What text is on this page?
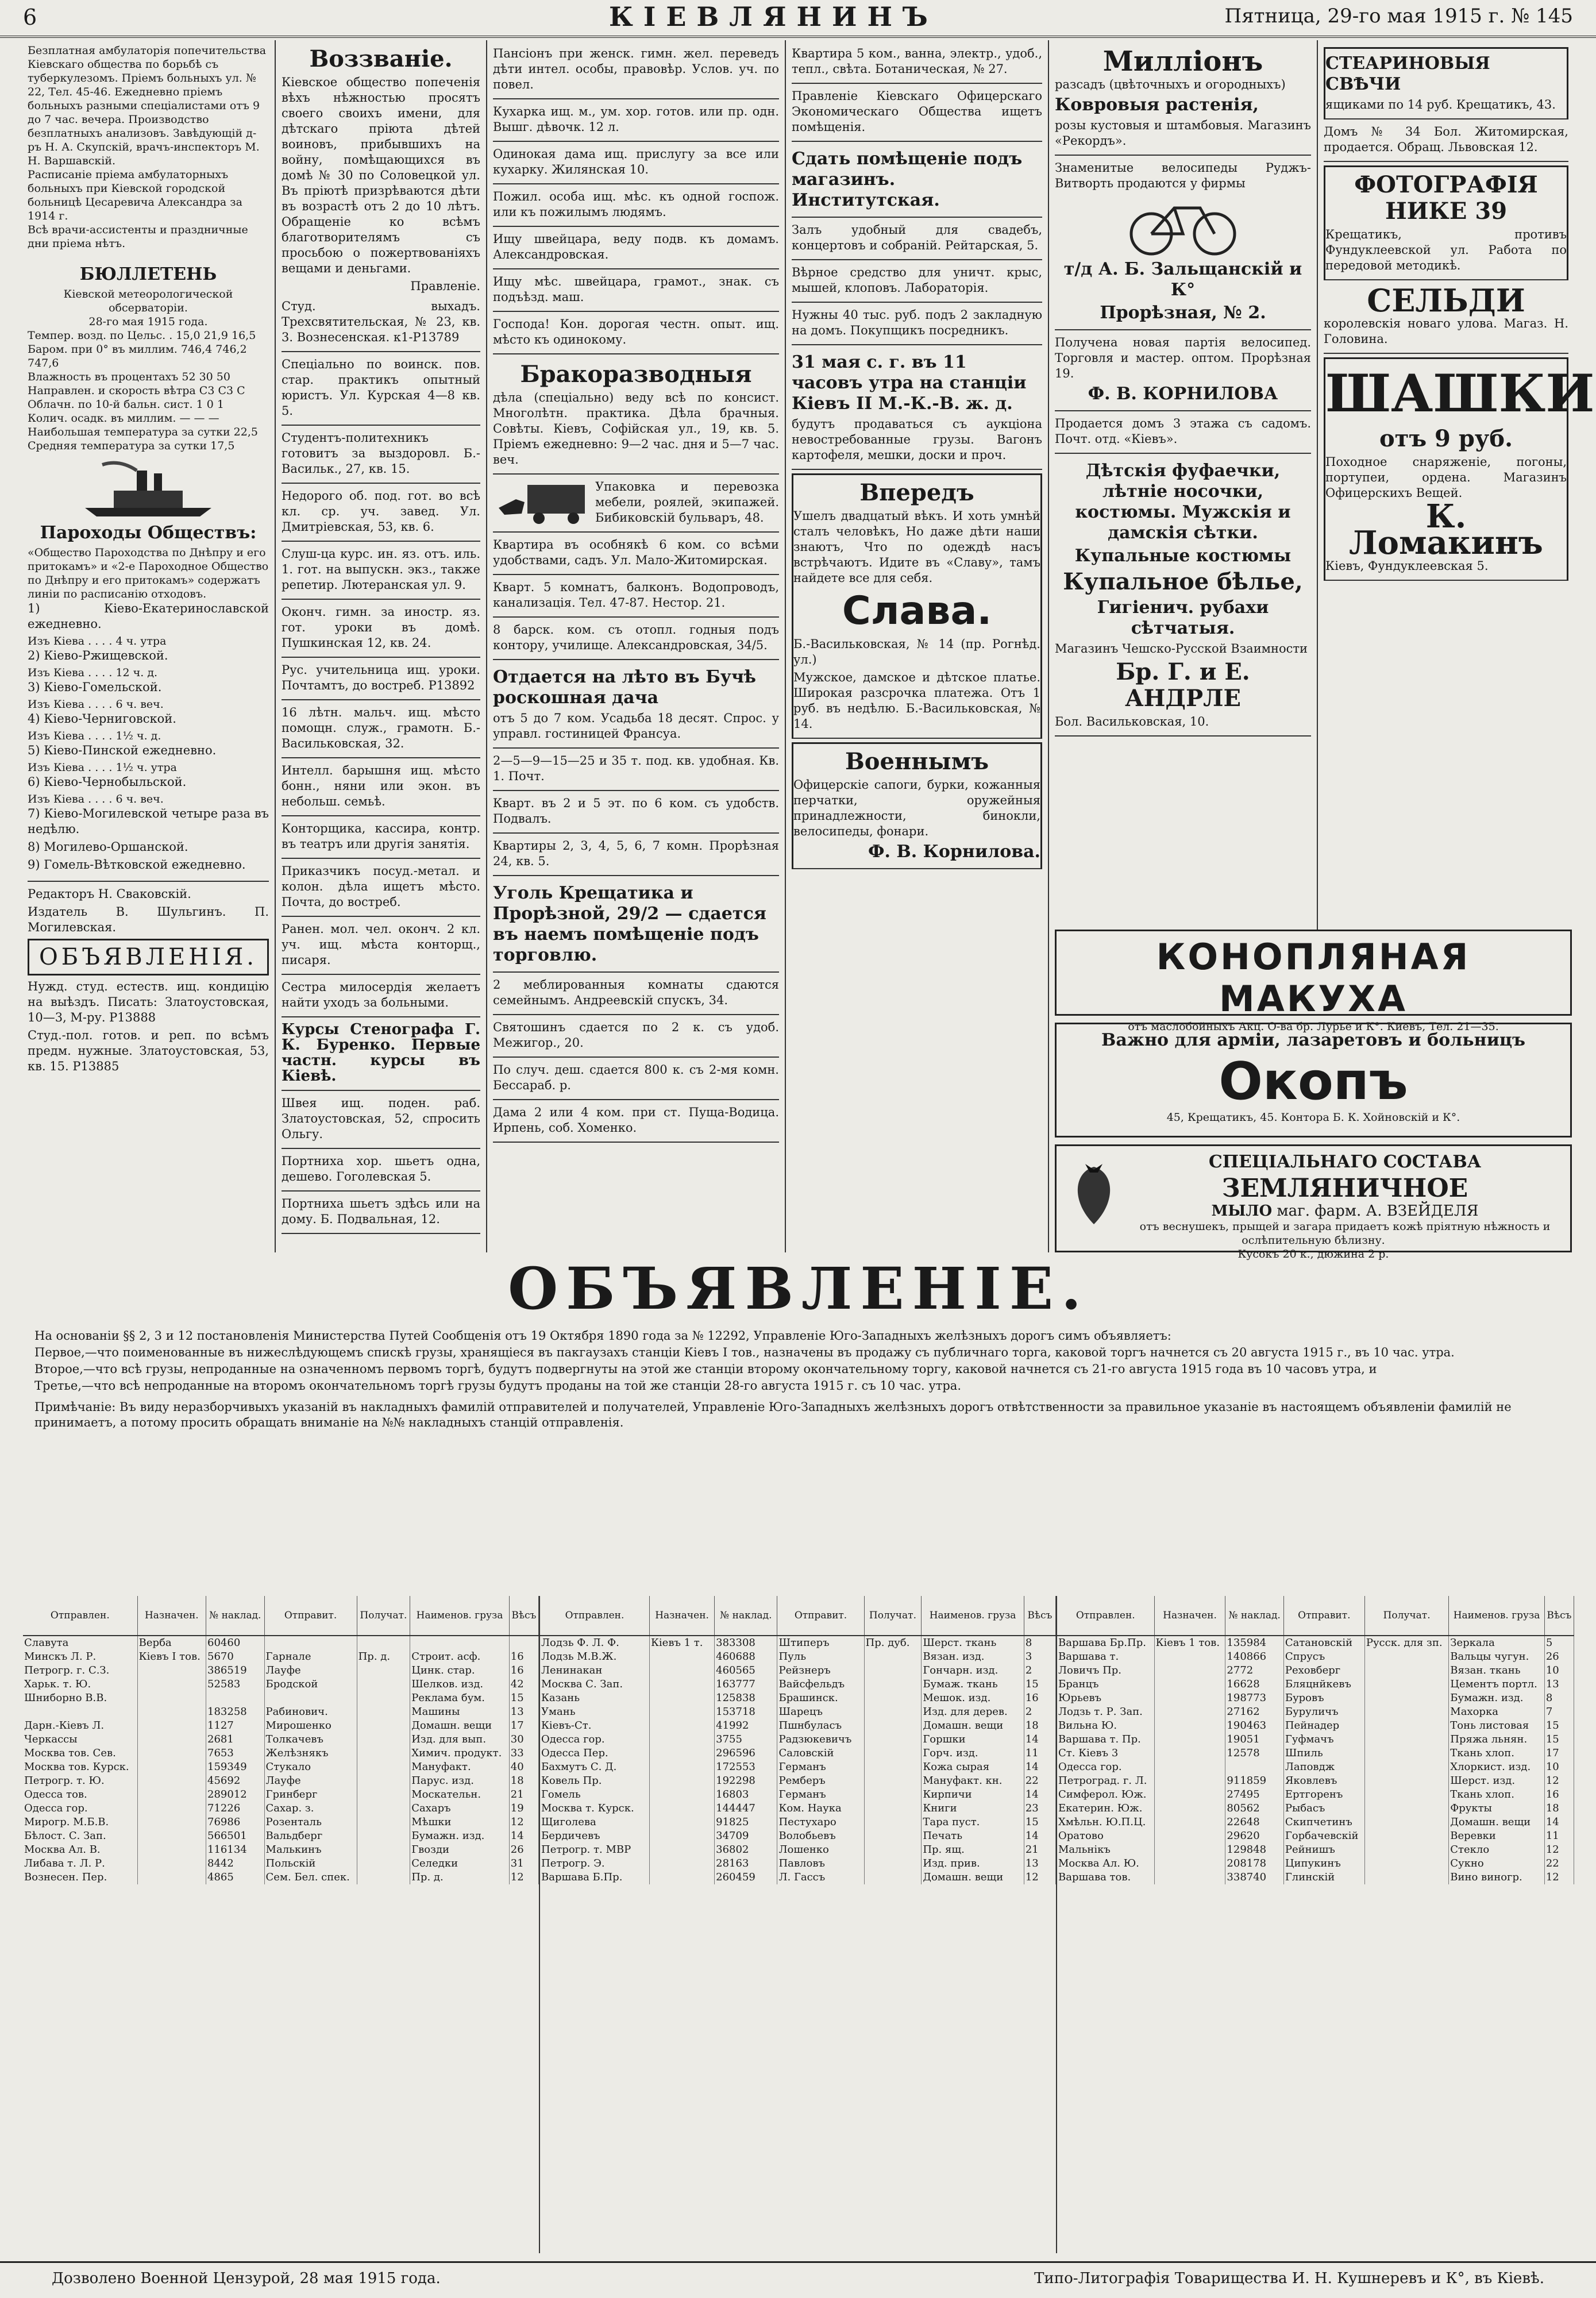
6	КІЕВЛЯНИНЪ	Пятница, 29-го мая 1915 г. № 145

Безплатная амбулаторія попечительства Кіевскаго общества по борьбѣ съ туберкулезомъ. Пріемъ больныхъ ул. № 22, Тел. 45-46. Ежедневно пріемъ больныхъ разными спеціалистами отъ 9 до 7 час. вечера. Производство безплатныхъ анализовъ. Завѣдующій д-ръ Н. А. Скупскій, врачъ-инспекторъ М. Н. Варшавскій.

Расписаніе пріема амбулаторныхъ больныхъ при Кіевской городской больницѣ Цесаревича Александра за 1914 г.

Всѣ врачи-ассистенты и праздничные дни пріема нѣтъ.

БЮЛЛЕТЕНЬ

Кіевской метеорологической обсерваторіи.

28-го мая 1915 года.

Темпер. возд. по Цельс. . 15,0 21,9 16,5

Бaром. при 0° въ миллим. 746,4 746,2 747,6

Влажность въ процентахъ 52 30 50

Направлен. и скорость вѣтра C3 C3 C

Облачн. по 10-й бальн. сист. 1 0 1

Колич. осадк. въ миллим. — — —

Наибольшая температура за сутки 22,5

Средняя температура за сутки 17,5

Пароходы Обществъ:

«Общество Пароходства по Днѣпру и его притокамъ» и «2-е Пароходное Общество по Днѣпру и его притокамъ» содержатъ линіи по расписанію отходовъ.

1) Кіево-Екатеринославской ежедневно.

Изъ Кіева . . . . 4 ч. утра

2) Кіево-Ржищевской.

Изъ Кіева . . . . 12 ч. д.

3) Кіево-Гомельской.

Изъ Кіева . . . . 6 ч. веч.

4) Кіево-Черниговской.

Изъ Кіева . . . . 1½ ч. д.

5) Кіево-Пинской ежедневно.

Изъ Кіева . . . . 1½ ч. утра

6) Кіево-Чернобыльской.

Изъ Кіева . . . . 6 ч. веч.

7) Кіево-Могилевской четыре раза въ недѣлю.

8) Могилево-Оршанской.

9) Гомель-Вѣтковской ежедневно.

Редакторъ Н. Сваковскій.

Издатель В. Шульгинъ. П. Могилевская.

ОБЪЯВЛЕНІЯ.

Нужд. студ. естеств. ищ. кондицію на выѣздъ. Писать: Златоустовская, 10—3, М-ру. Р13888

Студ.-пол. готов. и реп. по всѣмъ предм. нужные. Златоустовская, 53, кв. 15. Р13885

Воззваніе.

Кіевское общество попеченія вѣхъ нѣжностью просятъ своего своихъ имени, для дѣтскаго пріюта дѣтей воиновъ, прибывшихъ на войну, помѣщающихся въ домѣ № 30 по Соловецкой ул. Въ пріютѣ призрѣваются дѣти въ возрастѣ отъ 2 до 10 лѣтъ. Обращеніе ко всѣмъ благотворителямъ съ просьбою о пожертвованіяхъ вещами и деньгами.

Правленіе.

Студ. выхадъ. Трехсвятительская, № 23, кв. 3. Вознесенская. к1-Р13789

Спеціально по воинск. пов. стар. практикъ опытный юристъ. Ул. Курская 4—8 кв. 5.

Студентъ-политехникъ готовитъ за выздоровл. Б.-Васильк., 27, кв. 15.

Недорого об. под. гот. во всѣ кл. ср. уч. завед. Ул. Дмитріевская, 53, кв. 6.

Слуш-ца курс. ин. яз. отъ. иль. 1. гот. на выпускн. экз., также репетир. Лютеранская ул. 9.

Оконч. гимн. за иностр. яз. гот. уроки въ домѣ. Пушкинская 12, кв. 24.

Рус. учительница ищ. уроки. Почтамтъ, до востреб. Р13892

16 лѣтн. мальч. ищ. мѣсто помощн. служ., грамотн. Б.-Васильковская, 32.

Интелл. барышня ищ. мѣсто бонн., няни или экон. въ небольш. семьѣ.

Конторщика, кассира, контр. въ театръ или другія занятія.

Приказчикъ посуд.-метал. и колон. дѣла ищетъ мѣсто. Почта, до востреб.

Ранен. мол. чел. оконч. 2 кл. уч. ищ. мѣста конторщ., писаря.

Сестра милосердія желаетъ найти уходъ за больными.

Курсы Стенографа Г. К. Буренко. Первые частн. курсы въ Кіевѣ.

Швея ищ. поден. раб. Златоустовская, 52, спросить Ольгу.

Портниха хор. шьетъ одна, дешево. Гоголевская 5.

Портниха шьетъ здѣсь или на дому. Б. Подвальная, 12.

Пансіонъ при женск. гимн. жел. переведъ дѣти интел. особы, правовѣр. Услов. уч. по повел.

Кухарка ищ. м., ум. хор. готов. или пр. одн. Вышг. дѣвочк. 12 л.

Одинокая дама ищ. прислугу за все или кухарку. Жилянская 10.

Пожил. особа ищ. мѣс. къ одной госпож. или къ пожилымъ людямъ.

Ищу швейцара, веду подв. къ домамъ. Александровская.

Ищу мѣс. швейцара, грамот., знак. съ подъѣзд. маш.

Господа! Кон. дорогая честн. опыт. ищ. мѣсто къ одинокому.

Бракоразводныя

дѣла (спеціально) веду всѣ по консист. Многолѣтн. практика. Дѣла брачныя. Совѣты. Кіевъ, Софійская ул., 19, кв. 5. Пріемъ ежедневно: 9—2 час. дня и 5—7 час. веч.

Упаковка и перевозка мебели, роялей, экипажей. Бибиковскій бульваръ, 48.

Квартира въ особнякѣ 6 ком. со всѣми удобствами, садъ. Ул. Мало-Житомирская.

Кварт. 5 комнатъ, балконъ. Водопроводъ, канализація. Тел. 47-87. Нестор. 21.

8 барск. ком. съ отопл. годныя подъ контору, училище. Александровская, 34/5.

Отдается на лѣто въ Бучѣ роскошная дача

отъ 5 до 7 ком. Усадьба 18 десят. Спрос. у управл. гостиницей Франсуа.

2—5—9—15—25 и 35 т. под. кв. удобная. Кв. 1. Почт.

Кварт. въ 2 и 5 эт. по 6 ком. съ удобств. Подвалъ.

Квартиры 2, 3, 4, 5, 6, 7 комн. Прорѣзная 24, кв. 5.

Уголь Крещатика и Прорѣзной, 29/2 — сдается въ наемъ помѣщеніе подъ торговлю.

2 меблированныя комнаты сдаются семейнымъ. Андреевскій спускъ, 34.

Святошинъ сдается по 2 к. съ удоб. Межигор., 20.

По случ. деш. сдается 800 к. съ 2-мя комн. Бессараб. р.

Дама 2 или 4 ком. при ст. Пуща-Водица. Ирпень, соб. Хоменко.

Квартира 5 ком., ванна, электр., удоб., тепл., свѣта. Ботаническая, № 27.

Правленіе Кіевскаго Офицерскаго Экономическаго Общества ищетъ помѣщенія.

Сдать помѣщеніе подъ магазинъ. Институтская.

Залъ удобный для свадебъ, концертовъ и собраній. Рейтарская, 5.

Вѣрное средство для уничт. крыс, мышей, клоповъ. Лабораторія.

Нужны 40 тыс. руб. подъ 2 закладную на домъ. Покупщикъ посредникъ.

31 мая с. г. въ 11 часовъ утра на станціи Кіевъ II М.-К.-В. ж. д.

будутъ продаваться съ аукціона невостребованные грузы. Вагонъ картофеля, мешки, доски и проч.

Впередъ

Ушелъ двадцатый вѣкъ. И хоть умнѣй сталъ человѣкъ, Но даже дѣти наши знаютъ, Что по одеждѣ насъ встрѣчаютъ. Идите въ «Славу», тамъ найдете все для себя.

Слава.

Б.-Васильковская, № 14 (пр. Рогнѣд. ул.)

Мужское, дамское и дѣтское платье. Широкая разсрочка платежа. Отъ 1 руб. въ недѣлю. Б.-Васильковская, № 14.

Военнымъ

Офицерскіе сапоги, бурки, кожанныя перчатки, оружейныя принадлежности, бинокли, велосипеды, фонари.

Ф. В. Корнилова.

Милліонъ

разсадъ (цвѣточныхъ и огородныхъ)

Ковровыя растенія,

розы кустовыя и штамбовыя. Магазинъ «Рекордъ».

Знаменитые велосипеды Руджъ-Витворть продаются у фирмы

т/д А. Б. Зальщанскій и К°

Прорѣзная, № 2.

Получена новая партія велосипед. Торговля и мастер. оптом. Прорѣзная 19.

Ф. В. КОРНИЛОВА

Продается домъ 3 этажа съ садомъ. Почт. отд. «Кіевъ».

Дѣтскія фуфаечки, лѣтніе носочки, костюмы. Мужскія и дамскія сѣтки.

Купальные костюмы

Купальное бѣлье,

Гигіенич. рубахи сѣтчатыя.

Магазинъ Чешско-Русской Взаимности

Бр. Г. и Е. АНДРЛЕ

Бол. Васильковская, 10.

СТЕАРИНОВЫЯ СВѢЧИ

ящиками по 14 руб. Крещатикъ, 43.

Домъ № 34 Бол. Житомирская, продается. Обращ. Львовская 12.

ФОТОГРАФІЯ НИКЕ 39

Крещатикъ, противъ Фундуклеевской ул. Работа по передовой методикѣ.

СЕЛЬДИ

королевскія новаго улова. Магаз. Н. Головина.

ШАШКИ

отъ 9 руб.

Походное снаряженіе, погоны, портупеи, ордена. Магазинъ Офицерскихъ Вещей.

К. Ломакинъ

Кіевъ, Фундуклеевская 5.

КОНОПЛЯНАЯ МАКУХА
отъ маслобойныхъ Акц. О-ва бр. Лурье и К°. Киевъ, Тел. 21—35.
Важно для арміи, лазаретовъ и больницъ
Окопъ
45, Крещатикъ, 45. Контора Б. К. Хойновскій и К°.
СПЕЦІАЛЬНАГО СОСТАВА
ЗЕМЛЯНИЧНОЕ
МЫЛО маг. фарм. А. ВЗЕЙДЕЛЯ
отъ веснушекъ, прыщей и загара придаетъ кожѣ пріятную нѣжность и ослѣпительную бѣлизну.
Кусокъ 20 к., дюжина 2 р.
ОБЪЯВЛЕНІЕ.

На основаніи §§ 2, 3 и 12 постановленія Министерства Путей Сообщенія отъ 19 Октября 1890 года за № 12292, Управленіе Юго-Западныхъ желѣзныхъ дорогъ симъ объявляетъ:

Первое,—что поименованные въ нижеслѣдующемъ спискѣ грузы, хранящіеся въ пакгаузахъ станціи Кіевъ I тов., назначены въ продажу съ публичнаго торга, каковой торгъ начнется съ 20 августа 1915 г., въ 10 час. утра.

Второе,—что всѣ грузы, непроданные на означенномъ первомъ торгѣ, будутъ подвергнуты на этой же станціи второму окончательному торгу, каковой начнется съ 21-го августа 1915 года въ 10 часовъ утра, и

Третье,—что всѣ непроданные на второмъ окончательномъ торгѣ грузы будутъ проданы на той же станціи 28-го августа 1915 г. съ 10 час. утра.

Примѣчаніе: Въ виду неразборчивыхъ указаній въ накладныхъ фамилій отправителей и получателей, Управленіе Юго-Западныхъ желѣзныхъ дорогъ отвѣтственности за правильное указаніе въ настоящемъ объявленіи фамилій не принимаетъ, а потому просить обращать вниманіе на №№ накладныхъ станцій отправленія.

Отправлен.	Назначен.	№ наклад.	Отправит.	Получат.	Наименов. груза	Вѣсъ
Славута	Верба	60460				
Минскъ Л. Р.	Кіевъ I тов.	5670	Гарнале	Пр. д.	Строит. асф.	16
Петрогр. г. С.З.		386519	Лауфе		Цинк. стар.	16
Харьк. т. Ю.		52583	Бродской		Шелков. изд.	42
Шниборно В.В.					Реклама бум.	15
		183258	Рабинович.		Машины	13
Дарн.-Кіевъ Л.		1127	Мирошенко		Домашн. вещи	17
Черкассы		2681	Толкачевъ		Изд. для вып.	30
Москва тов. Сев.		7653	Желѣзнякъ		Химич. продукт.	33
Москва тов. Курск.		159349	Стукало		Мануфакт.	40
Петрогр. т. Ю.		45692	Лауфе		Парус. изд.	18
Одесса тов.		289012	Гринберг		Москательн.	21
Одесса гор.		71226	Сахар. з.		Сахаръ	19
Мирогр. М.Б.В.		76986	Розенталь		Мѣшки	12
Бѣлост. С. Зап.		566501	Вальдберг		Бумажн. изд.	14
Москва Ал. В.		116134	Малькинъ		Гвозди	26
Либава т. Л. Р.		8442	Польскій		Селедки	31
Вознесен. Пер.		4865	Сем. Бел. спек.		Пр. д.	12
Отправлен.	Назначен.	№ наклад.	Отправит.	Получат.	Наименов. груза	Вѣсъ
Лодзь Ф. Л. Ф.	Кіевъ 1 т.	383308	Штиперъ	Пр. дуб.	Шерст. ткань	8
Лодзь М.В.Ж.		460688	Пуль		Вязан. изд.	3
Ленинакан		460565	Рейзнеръ		Гончарн. изд.	2
Москва С. Зап.		163777	Вайсфельдъ		Бумаж. ткань	15
Казань		125838	Брашинск.		Мешок. изд.	16
Умань		153718	Шарецъ		Изд. для дерев.	2
Кіевъ-Ст.		41992	Пшнбуласъ		Домашн. вещи	18
Одесса гор.		3755	Радзюкевичъ		Горшки	14
Одесса Пер.		296596	Саловскій		Горч. изд.	11
Бахмутъ С. Д.		172553	Германъ		Кожа сырая	14
Ковель Пр.		192298	Ремберъ		Мануфакт. кн.	22
Гомель		16803	Германъ		Кирпичи	14
Москва т. Курск.		144447	Ком. Наука		Книги	23
Щиголева		91825	Пестухаро		Тара пуст.	15
Бердичевъ		34709	Волобьевъ		Печать	14
Петрогр. т. МВР		36802	Лошенко		Пр. ящ.	21
Петрогр. Э.		28163	Павловъ		Изд. прив.	13
Варшава Б.Пр.		260459	Л. Гассъ		Домашн. вещи	12
Отправлен.	Назначен.	№ наклад.	Отправит.	Получат.	Наименов. груза	Вѣсъ
Варшава Бр.Пр.	Кіевъ 1 тов.	135984	Сатановскій	Русск. для зп.	Зеркала	5
Варшава т.		140866	Спрусъ		Вальцы чугун.	26
Ловичъ Пр.		2772	Реховберг		Вязан. ткань	10
Бранцъ		16628	Бляцнйкевъ		Цементъ портл.	13
Юрьевъ		198773	Буровъ		Бумажн. изд.	8
Лодзь т. Р. Зап.		27162	Буруличъ		Махорка	7
Вильна Ю.		190463	Пейнадер		Тонь листовая	15
Варшава т. Пр.		19051	Гуфмачъ		Пряжа льнян.	15
Ст. Кіевъ 3		12578	Шпиль		Ткань хлоп.	17
Одесса гор.			Лаповдж		Хлоркист. изд.	10
Петроград. г. Л.		911859	Яковлевъ		Шерст. изд.	12
Симферол. Юж.		27495	Ертгоренъ		Ткань хлоп.	16
Екатерин. Юж.		80562	Рыбасъ		Фрукты	18
Хмѣльн. Ю.П.Ц.		22648	Скипчетинъ		Домашн. вещи	14
Оратово		29620	Горбачевскій		Веревки	11
Мальнікъ		129848	Рейнишъ		Стекло	12
Москва Ал. Ю.		208178	Ципукинъ		Сукно	22
Варшава тов.		338740	Глинскій		Вино виногр.	12
Дозволено Военной Цензурой, 28 мая 1915 года.	Типо-Литографія Товарищества И. Н. Кушнеревъ и К°, въ Кіевѣ.
